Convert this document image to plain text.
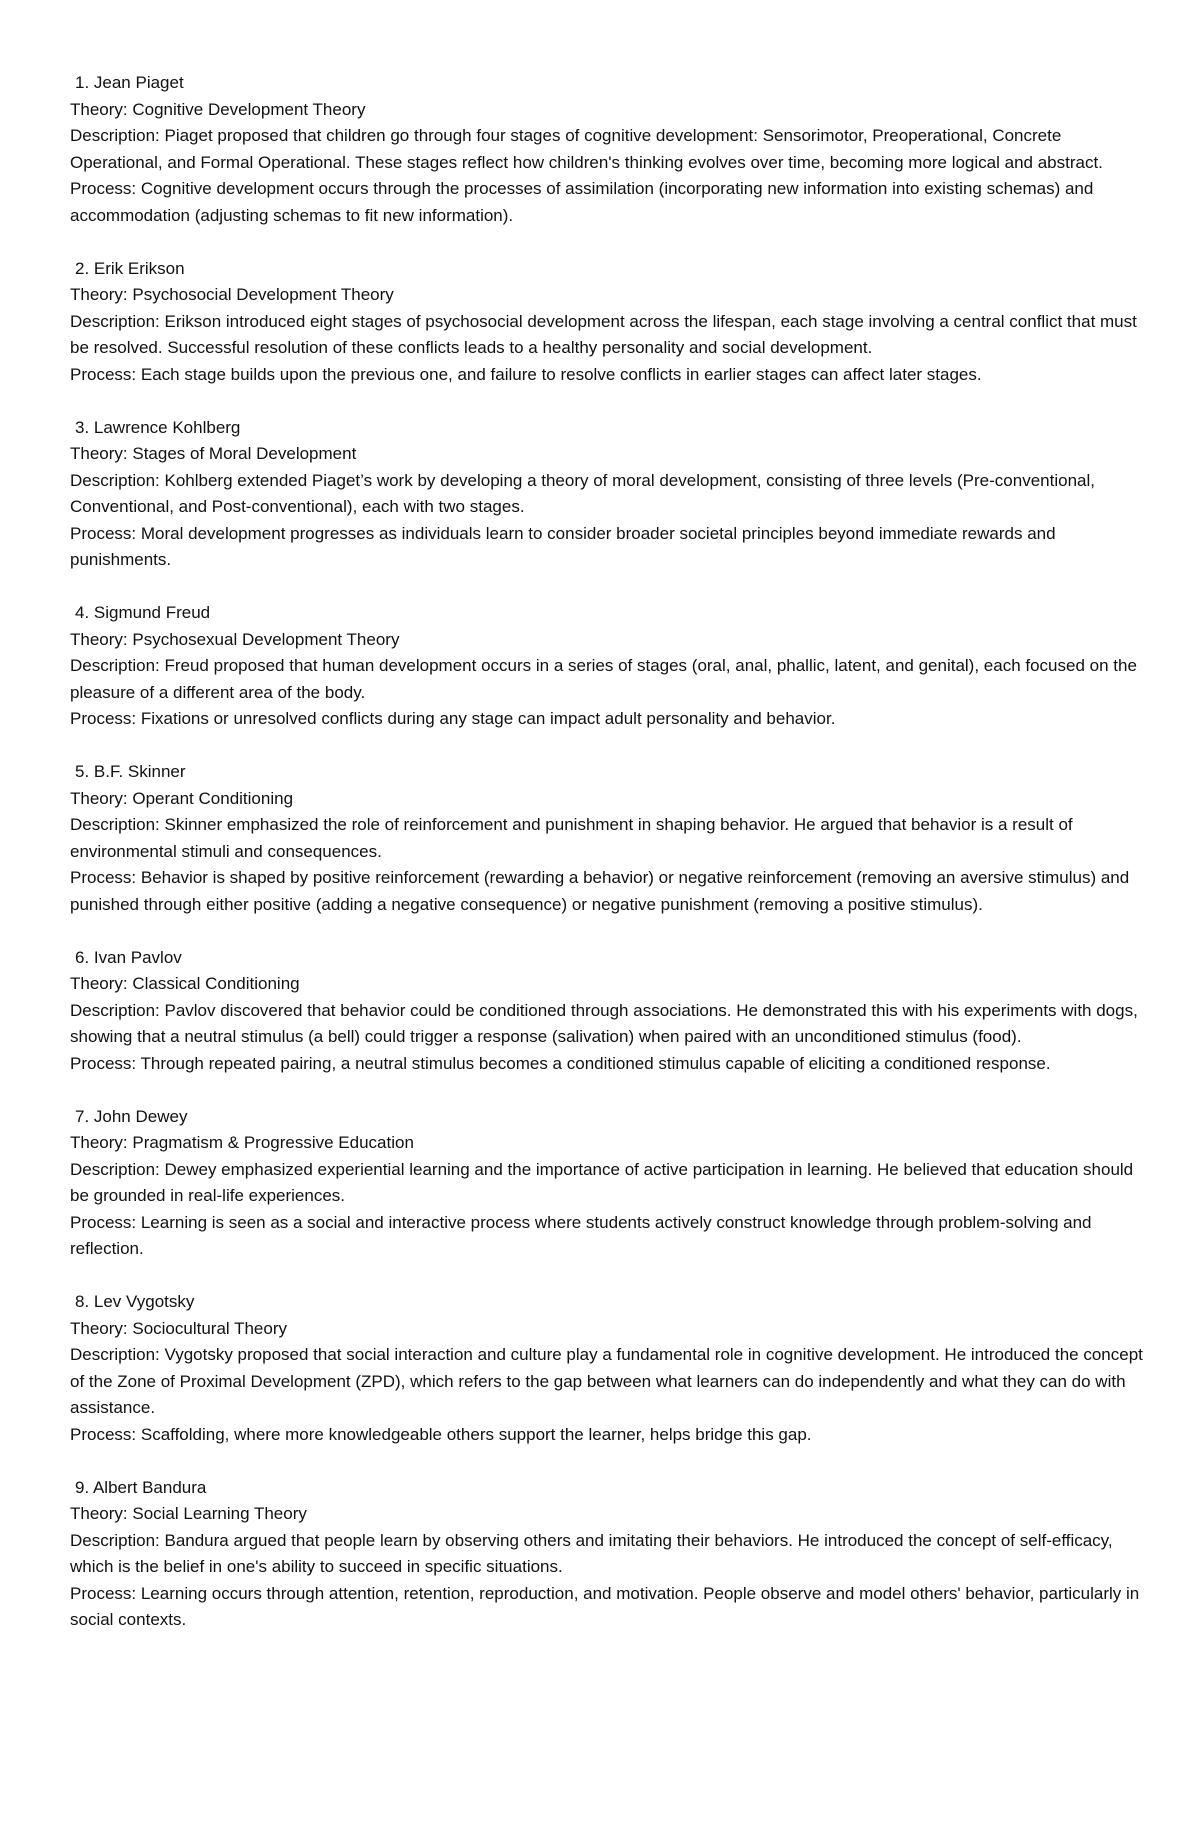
1. Jean Piaget

Theory: Cognitive Development Theory

Description: Piaget proposed that children go through four stages of cognitive development: Sensorimotor, Preoperational, Concrete Operational, and Formal Operational. These stages reflect how children's thinking evolves over time, becoming more logical and abstract.

Process: Cognitive development occurs through the processes of assimilation (incorporating new information into existing schemas) and accommodation (adjusting schemas to fit new information).

2. Erik Erikson

Theory: Psychosocial Development Theory

Description: Erikson introduced eight stages of psychosocial development across the lifespan, each stage involving a central conflict that must be resolved. Successful resolution of these conflicts leads to a healthy personality and social development.

Process: Each stage builds upon the previous one, and failure to resolve conflicts in earlier stages can affect later stages.

3. Lawrence Kohlberg

Theory: Stages of Moral Development

Description: Kohlberg extended Piaget’s work by developing a theory of moral development, consisting of three levels (Pre-conventional, Conventional, and Post-conventional), each with two stages.

Process: Moral development progresses as individuals learn to consider broader societal principles beyond immediate rewards and punishments.

4. Sigmund Freud

Theory: Psychosexual Development Theory

Description: Freud proposed that human development occurs in a series of stages (oral, anal, phallic, latent, and genital), each focused on the pleasure of a different area of the body.

Process: Fixations or unresolved conflicts during any stage can impact adult personality and behavior.

5. B.F. Skinner

Theory: Operant Conditioning

Description: Skinner emphasized the role of reinforcement and punishment in shaping behavior. He argued that behavior is a result of environmental stimuli and consequences.

Process: Behavior is shaped by positive reinforcement (rewarding a behavior) or negative reinforcement (removing an aversive stimulus) and punished through either positive (adding a negative consequence) or negative punishment (removing a positive stimulus).

6. Ivan Pavlov

Theory: Classical Conditioning

Description: Pavlov discovered that behavior could be conditioned through associations. He demonstrated this with his experiments with dogs, showing that a neutral stimulus (a bell) could trigger a response (salivation) when paired with an unconditioned stimulus (food).

Process: Through repeated pairing, a neutral stimulus becomes a conditioned stimulus capable of eliciting a conditioned response.

7. John Dewey

Theory: Pragmatism & Progressive Education

Description: Dewey emphasized experiential learning and the importance of active participation in learning. He believed that education should be grounded in real-life experiences.

Process: Learning is seen as a social and interactive process where students actively construct knowledge through problem-solving and reflection.

8. Lev Vygotsky

Theory: Sociocultural Theory

Description: Vygotsky proposed that social interaction and culture play a fundamental role in cognitive development. He introduced the concept of the Zone of Proximal Development (ZPD), which refers to the gap between what learners can do independently and what they can do with assistance.

Process: Scaffolding, where more knowledgeable others support the learner, helps bridge this gap.

9. Albert Bandura

Theory: Social Learning Theory

Description: Bandura argued that people learn by observing others and imitating their behaviors. He introduced the concept of self-efficacy, which is the belief in one's ability to succeed in specific situations.

Process: Learning occurs through attention, retention, reproduction, and motivation. People observe and model others' behavior, particularly in social contexts.
